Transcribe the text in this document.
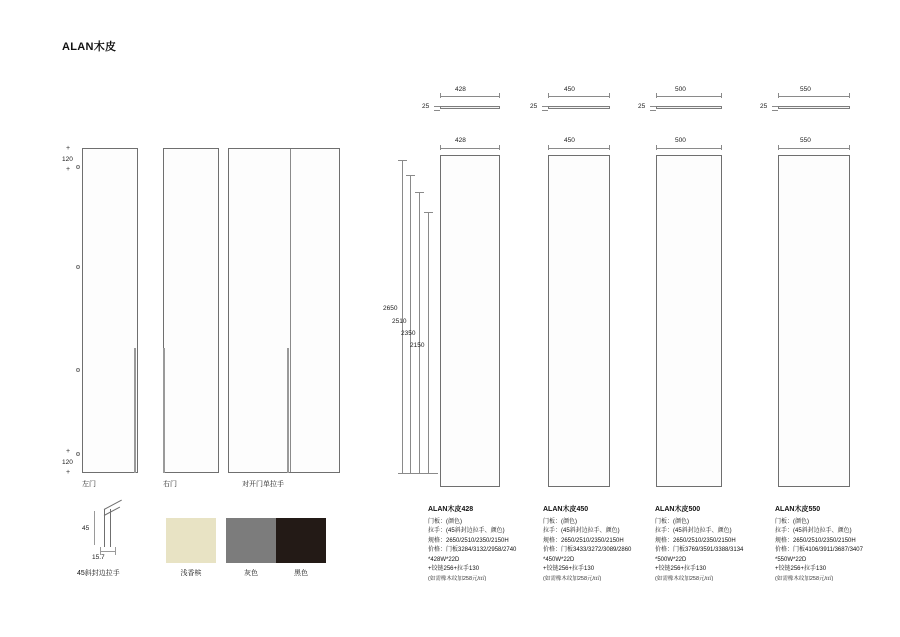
ALAN木皮
+
+
120
+
+
120
左门	右门	对开门单拉手
45
15.7
45斜封边拉手	浅香槟	灰色	黑色
2650
2510
2350
2150
428
25
428
ALAN木皮428
门板：(颜色)
拉手：(45斜封边拉手、颜色)
规格：2650/2510/2350/2150H
价格：门板3284/3132/2958/2740
*428W*22D
+铰链256+拉手130
(如需橡木纹加258元/㎡)
450
25
450
ALAN木皮450
门板：(颜色)
拉手：(45斜封边拉手、颜色)
规格：2650/2510/2350/2150H
价格：门板3433/3272/3089/2860
*450W*22D
+铰链256+拉手130
(如需橡木纹加258元/㎡)
500
25
500
ALAN木皮500
门板：(颜色)
拉手：(45斜封边拉手、颜色)
规格：2650/2510/2350/2150H
价格：门板3769/3591/3388/3134
*500W*22D
+铰链256+拉手130
(如需橡木纹加258元/㎡)
550
25
550
ALAN木皮550
门板：(颜色)
拉手：(45斜封边拉手、颜色)
规格：2650/2510/2350/2150H
价格：门板4106/3911/3687/3407
*550W*22D
+铰链256+拉手130
(如需橡木纹加258元/㎡)
